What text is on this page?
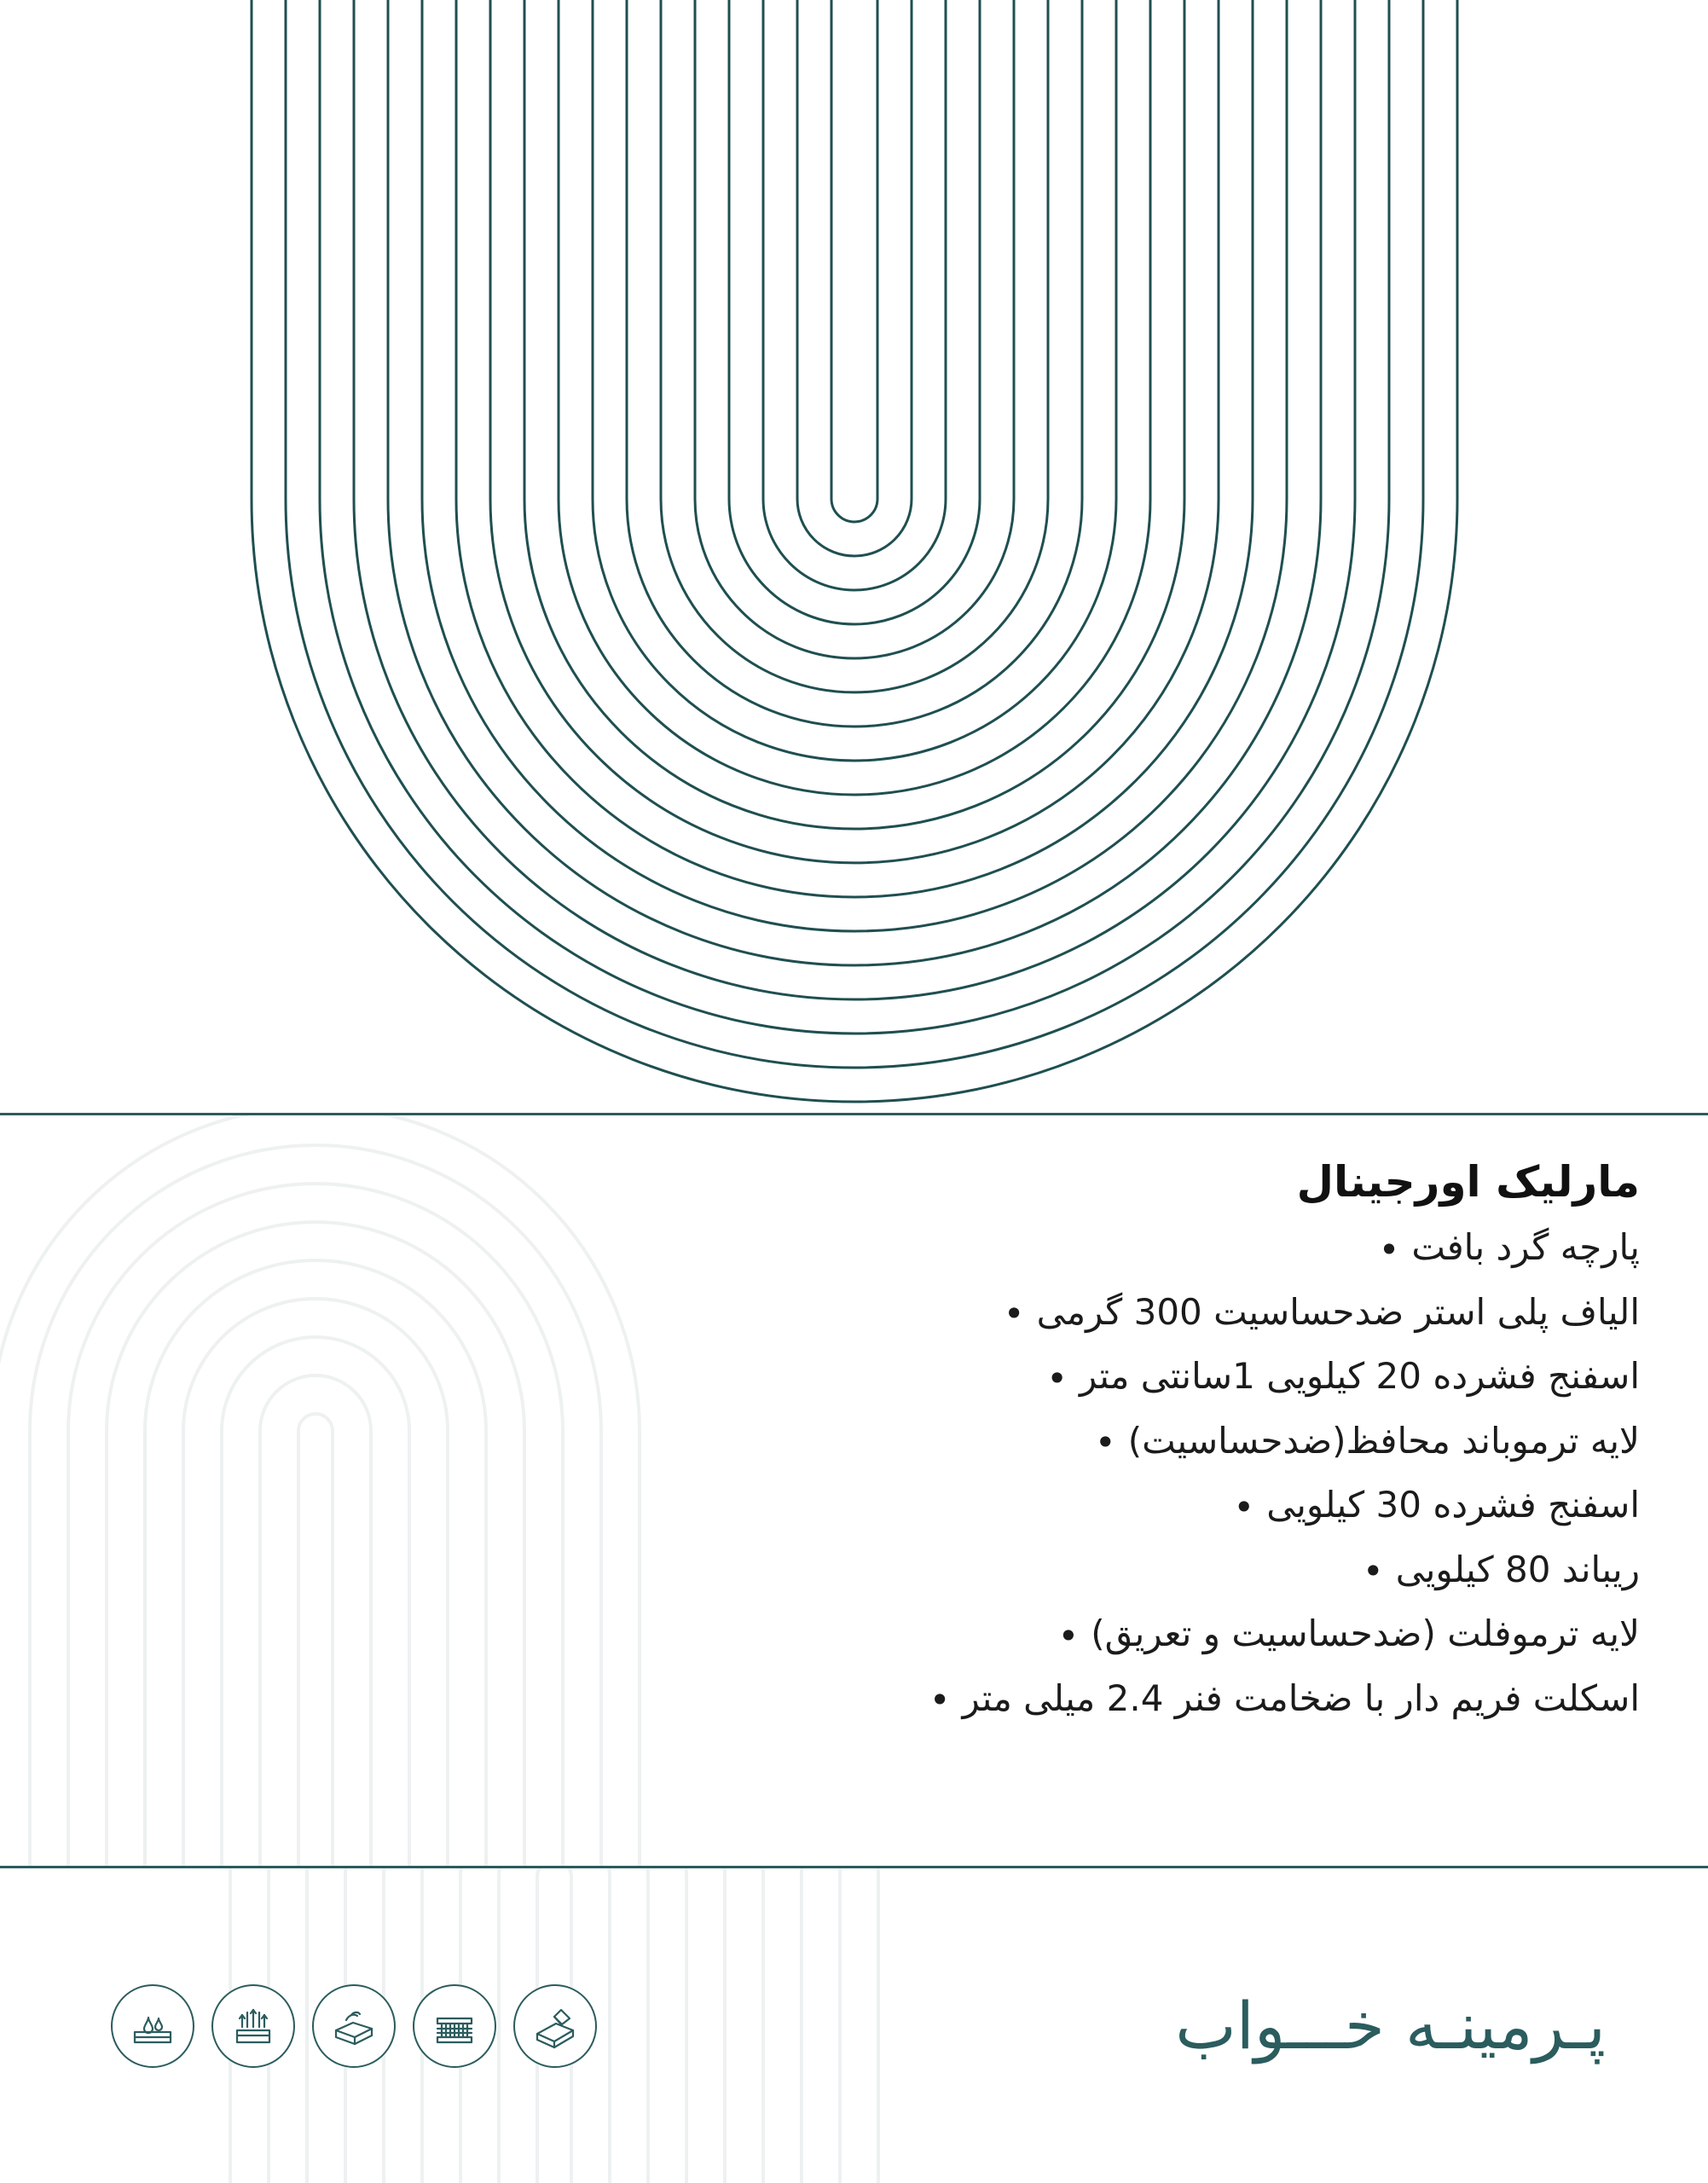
مارلیک اورجینال
پارچه گرد بافت•
الیاف پلی استر ضدحساسیت 300 گرمی•
اسفنج فشرده 20 کیلویی 1سانتی متر•
لایه ترموباند محافظ(ضدحساسیت)•
اسفنج فشرده 30 کیلویی•
ریباند 80 کیلویی•
لایه ترموفلت (ضدحساسیت و تعریق)•
اسکلت فریم دار با ضخامت فنر 2.4 میلی متر•
پـرمینـه خـــواب
